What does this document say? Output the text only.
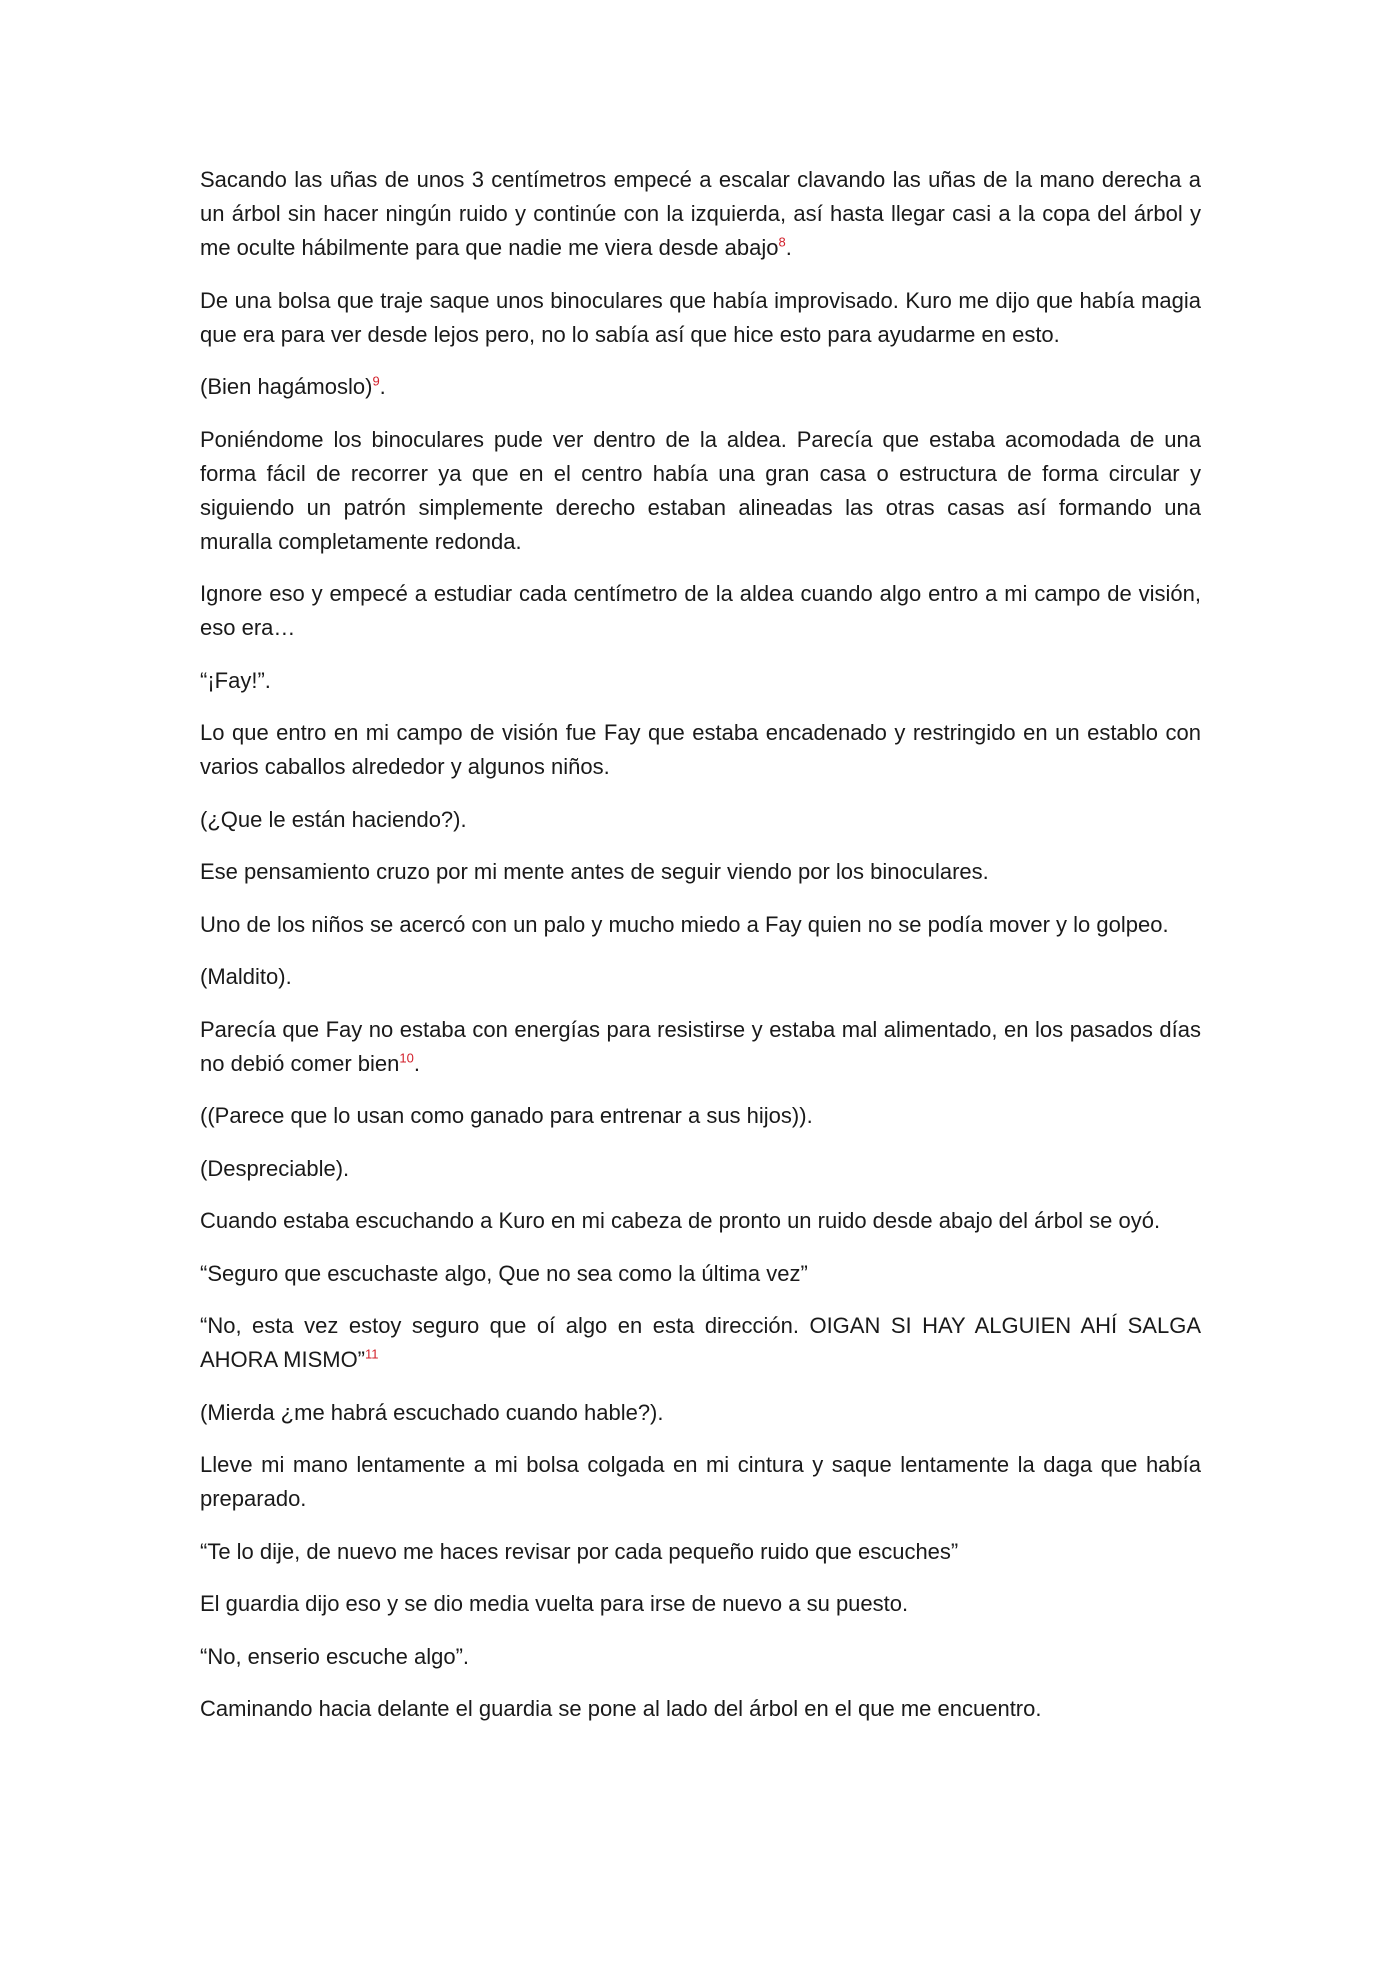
Sacando las uñas de unos 3 centímetros empecé a escalar clavando las uñas de la mano derecha a un árbol sin hacer ningún ruido y continúe con la izquierda, así hasta llegar casi a la copa del árbol y me oculte hábilmente para que nadie me viera desde abajo$^8$.

De una bolsa que traje saque unos binoculares que había improvisado. Kuro me dijo que había magia que era para ver desde lejos pero, no lo sabía así que hice esto para ayudarme en esto.

(Bien hagámoslo)$^9$.

Poniéndome los binoculares pude ver dentro de la aldea. Parecía que estaba acomodada de una forma fácil de recorrer ya que en el centro había una gran casa o estructura de forma circular y siguiendo un patrón simplemente derecho estaban alineadas las otras casas así formando una muralla completamente redonda.

Ignore eso y empecé a estudiar cada centímetro de la aldea cuando algo entro a mi campo de visión, eso era…

“¡Fay!”.

Lo que entro en mi campo de visión fue Fay que estaba encadenado y restringido en un establo con varios caballos alrededor y algunos niños.

(¿Que le están haciendo?).

Ese pensamiento cruzo por mi mente antes de seguir viendo por los binoculares.

Uno de los niños se acercó con un palo y mucho miedo a Fay quien no se podía mover y lo golpeo.

(Maldito).

Parecía que Fay no estaba con energías para resistirse y estaba mal alimentado, en los pasados días no debió comer bien$^{10}$.

((Parece que lo usan como ganado para entrenar a sus hijos)).

(Despreciable).

Cuando estaba escuchando a Kuro en mi cabeza de pronto un ruido desde abajo del árbol se oyó.

“Seguro que escuchaste algo, Que no sea como la última vez”

“No, esta vez estoy seguro que oí algo en esta dirección. OIGAN SI HAY ALGUIEN AHÍ SALGA AHORA MISMO”$^{11}$

(Mierda ¿me habrá escuchado cuando hable?).

Lleve mi mano lentamente a mi bolsa colgada en mi cintura y saque lentamente la daga que había preparado.

“Te lo dije, de nuevo me haces revisar por cada pequeño ruido que escuches”

El guardia dijo eso y se dio media vuelta para irse de nuevo a su puesto.

“No, enserio escuche algo”.

Caminando hacia delante el guardia se pone al lado del árbol en el que me encuentro.
